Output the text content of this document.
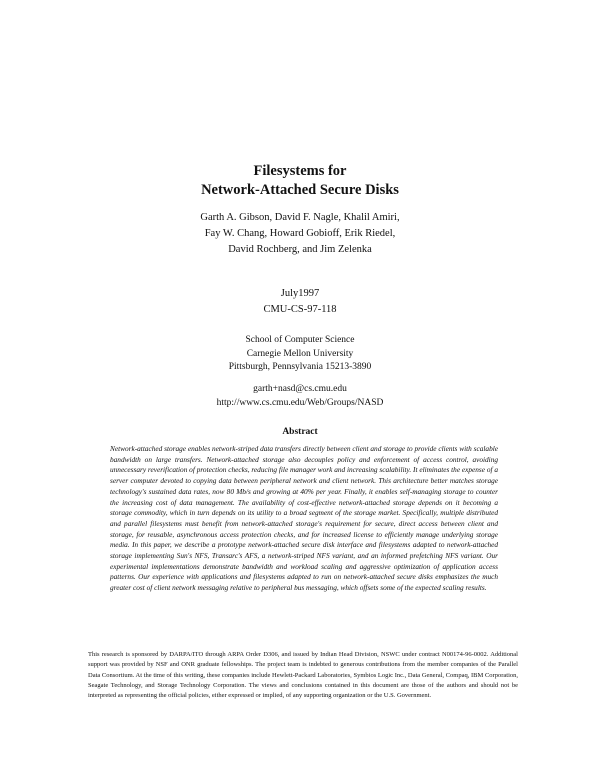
Filesystems for
Network-Attached Secure Disks
Garth A. Gibson, David F. Nagle, Khalil Amiri,
Fay W. Chang, Howard Gobioff, Erik Riedel,
David Rochberg, and Jim Zelenka
July1997
CMU-CS-97-118
School of Computer Science
Carnegie Mellon University
Pittsburgh, Pennsylvania 15213-3890
garth+nasd@cs.cmu.edu
http://www.cs.cmu.edu/Web/Groups/NASD
Abstract
Network-attached storage enables network-striped data transfers directly between client and storage to provide clients with scalable bandwidth on large transfers. Network-attached storage also decouples policy and enforcement of access control, avoiding unnecessary reverification of protection checks, reducing file manager work and increasing scalability. It eliminates the expense of a server computer devoted to copying data between peripheral network and client network. This architecture better matches storage technology's sustained data rates, now 80 Mb/s and growing at 40% per year. Finally, it enables self-managing storage to counter the increasing cost of data management. The availability of cost-effective network-attached storage depends on it becoming a storage commodity, which in turn depends on its utility to a broad segment of the storage market. Specifically, multiple distributed and parallel filesystems must benefit from network-attached storage's requirement for secure, direct access between client and storage, for reusable, asynchronous access protection checks, and for increased license to efficiently manage underlying storage media. In this paper, we describe a prototype network-attached secure disk interface and filesystems adapted to network-attached storage implementing Sun's NFS, Transarc's AFS, a network-striped NFS variant, and an informed prefetching NFS variant. Our experimental implementations demonstrate bandwidth and workload scaling and aggressive optimization of application access patterns. Our experience with applications and filesystems adapted to run on network-attached secure disks emphasizes the much greater cost of client network messaging relative to peripheral bus messaging, which offsets some of the expected scaling results.
This research is sponsored by DARPA/ITO through ARPA Order D306, and issued by Indian Head Division, NSWC under contract N00174-96-0002. Additional support was provided by NSF and ONR graduate fellowships. The project team is indebted to generous contributions from the member companies of the Parallel Data Consortium. At the time of this writing, these companies include Hewlett-Packard Laboratories, Symbios Logic Inc., Data General, Compaq, IBM Corporation, Seagate Technology, and Storage Technology Corporation. The views and conclusions contained in this document are those of the authors and should not be interpreted as representing the official policies, either expressed or implied, of any supporting organization or the U.S. Government.
